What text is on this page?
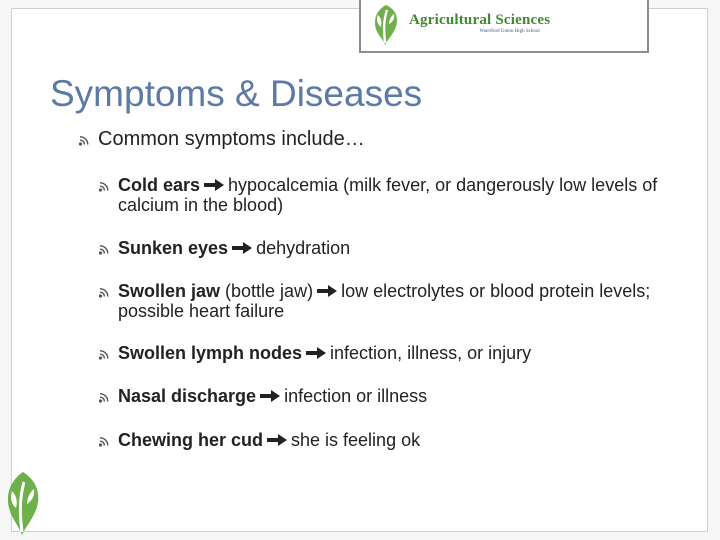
Agricultural Sciences
Waterford Union High School
Symptoms & Diseases
Common symptoms include…
Cold ears hypocalcemia (milk fever, or dangerously low levels of calcium in the blood)
Sunken eyes dehydration
Swollen jaw (bottle jaw) low electrolytes or blood protein levels; possible heart failure
Swollen lymph nodes infection, illness, or injury
Nasal discharge infection or illness
Chewing her cud she is feeling ok
